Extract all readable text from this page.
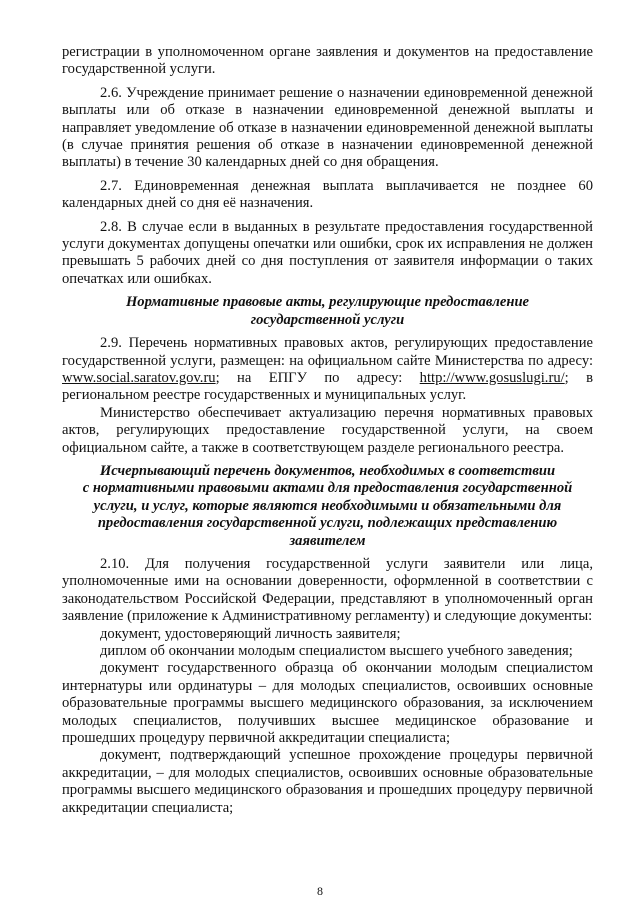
регистрации в уполномоченном органе заявления и документов на предоставление государственной услуги.

2.6. Учреждение принимает решение о назначении единовременной денежной выплаты или об отказе в назначении единовременной денежной выплаты и направляет уведомление об отказе в назначении единовременной денежной выплаты (в случае принятия решения об отказе в назначении единовременной денежной выплаты) в течение 30 календарных дней со дня обращения.

2.7. Единовременная денежная выплата выплачивается не позднее 60 календарных дней со дня её назначения.

2.8. В случае если в выданных в результате предоставления государственной услуги документах допущены опечатки или ошибки, срок их исправления не должен превышать 5 рабочих дней со дня поступления от заявителя информации о таких опечатках или ошибках.

Нормативные правовые акты, регулирующие предоставление
государственной услуги

2.9. Перечень нормативных правовых актов, регулирующих предоставление государственной услуги, размещен: на официальном сайте Министерства по адресу: www.social.saratov.gov.ru; на ЕПГУ по адресу: http://www.gosuslugi.ru/; в региональном реестре государственных и муниципальных услуг.

Министерство обеспечивает актуализацию перечня нормативных правовых актов, регулирующих предоставление государственной услуги, на своем официальном сайте, а также в соответствующем разделе регионального реестра.

Исчерпывающий перечень документов, необходимых в соответствии
с нормативными правовыми актами для предоставления государственной
услуги, и услуг, которые являются необходимыми и обязательными для
предоставления государственной услуги, подлежащих представлению
заявителем

2.10. Для получения государственной услуги заявители или лица, уполномоченные ими на основании доверенности, оформленной в соответствии с законодательством Российской Федерации, представляют в уполномоченный орган заявление (приложение к Административному регламенту) и следующие документы:

документ, удостоверяющий личность заявителя;

диплом об окончании молодым специалистом высшего учебного заведения;

документ государственного образца об окончании молодым специалистом интернатуры или ординатуры – для молодых специалистов, освоивших основные образовательные программы высшего медицинского образования, за исключением молодых специалистов, получивших высшее медицинское образование и прошедших процедуру первичной аккредитации специалиста;

документ, подтверждающий успешное прохождение процедуры первичной аккредитации, – для молодых специалистов, освоивших основные образовательные программы высшего медицинского образования и прошедших процедуру первичной аккредитации специалиста;

8
